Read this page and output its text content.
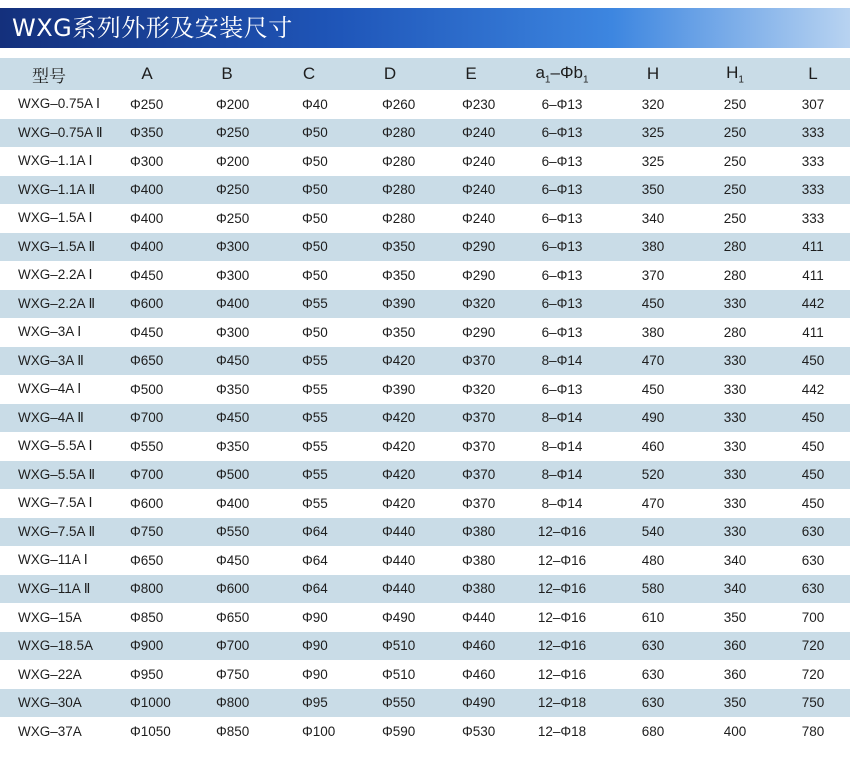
WXG系列外形及安装尺寸
型号	A	B	C	D	E	$a_1-\Phi b_1$	H	$H_1$	L
WXG–0.75A Ⅰ	Φ250	Φ200	Φ40	Φ260	Φ230	6–Φ13	320	250	307
WXG–0.75A Ⅱ	Φ350	Φ250	Φ50	Φ280	Φ240	6–Φ13	325	250	333
WXG–1.1A Ⅰ	Φ300	Φ200	Φ50	Φ280	Φ240	6–Φ13	325	250	333
WXG–1.1A Ⅱ	Φ400	Φ250	Φ50	Φ280	Φ240	6–Φ13	350	250	333
WXG–1.5A Ⅰ	Φ400	Φ250	Φ50	Φ280	Φ240	6–Φ13	340	250	333
WXG–1.5A Ⅱ	Φ400	Φ300	Φ50	Φ350	Φ290	6–Φ13	380	280	411
WXG–2.2A Ⅰ	Φ450	Φ300	Φ50	Φ350	Φ290	6–Φ13	370	280	411
WXG–2.2A Ⅱ	Φ600	Φ400	Φ55	Φ390	Φ320	6–Φ13	450	330	442
WXG–3A Ⅰ	Φ450	Φ300	Φ50	Φ350	Φ290	6–Φ13	380	280	411
WXG–3A Ⅱ	Φ650	Φ450	Φ55	Φ420	Φ370	8–Φ14	470	330	450
WXG–4A Ⅰ	Φ500	Φ350	Φ55	Φ390	Φ320	6–Φ13	450	330	442
WXG–4A Ⅱ	Φ700	Φ450	Φ55	Φ420	Φ370	8–Φ14	490	330	450
WXG–5.5A Ⅰ	Φ550	Φ350	Φ55	Φ420	Φ370	8–Φ14	460	330	450
WXG–5.5A Ⅱ	Φ700	Φ500	Φ55	Φ420	Φ370	8–Φ14	520	330	450
WXG–7.5A Ⅰ	Φ600	Φ400	Φ55	Φ420	Φ370	8–Φ14	470	330	450
WXG–7.5A Ⅱ	Φ750	Φ550	Φ64	Φ440	Φ380	12–Φ16	540	330	630
WXG–11A Ⅰ	Φ650	Φ450	Φ64	Φ440	Φ380	12–Φ16	480	340	630
WXG–11A Ⅱ	Φ800	Φ600	Φ64	Φ440	Φ380	12–Φ16	580	340	630
WXG–15A	Φ850	Φ650	Φ90	Φ490	Φ440	12–Φ16	610	350	700
WXG–18.5A	Φ900	Φ700	Φ90	Φ510	Φ460	12–Φ16	630	360	720
WXG–22A	Φ950	Φ750	Φ90	Φ510	Φ460	12–Φ16	630	360	720
WXG–30A	Φ1000	Φ800	Φ95	Φ550	Φ490	12–Φ18	630	350	750
WXG–37A	Φ1050	Φ850	Φ100	Φ590	Φ530	12–Φ18	680	400	780
